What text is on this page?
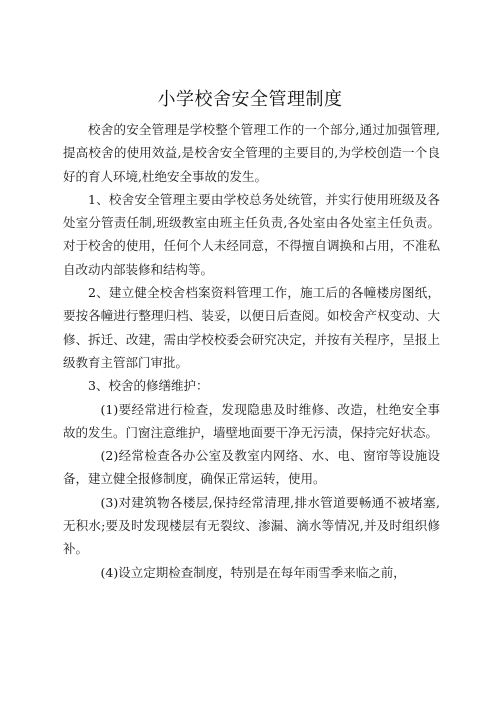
小学校舍安全管理制度

校舍的安全管理是学校整个管理工作的一个部分,通过加强管理,提高校舍的使用效益,是校舍安全管理的主要目的,为学校创造一个良好的育人环境,杜绝安全事故的发生。

1、校舍安全管理主要由学校总务处统管，并实行使用班级及各处室分管责任制,班级教室由班主任负责,各处室由各处室主任负责。对于校舍的使用，任何个人未经同意，不得擅自调换和占用，不准私自改动内部装修和结构等。

2、建立健全校舍档案资料管理工作，施工后的各幢楼房图纸，要按各幢进行整理归档、装妥，以便日后查阅。如校舍产权变动、大修、拆迁、改建，需由学校校委会研究决定，并按有关程序，呈报上级教育主管部门审批。

3、校舍的修缮维护：

(1)要经常进行检查，发现隐患及时维修、改造，杜绝安全事故的发生。门窗注意维护，墙壁地面要干净无污渍，保持完好状态。

(2)经常检查各办公室及教室内网络、水、电、窗帘等设施设备，建立健全报修制度，确保正常运转，使用。

(3)对建筑物各楼层,保持经常清理,排水管道要畅通不被堵塞,无积水;要及时发现楼层有无裂纹、渗漏、滴水等情况,并及时组织修补。

(4)设立定期检查制度，特别是在每年雨雪季来临之前，
